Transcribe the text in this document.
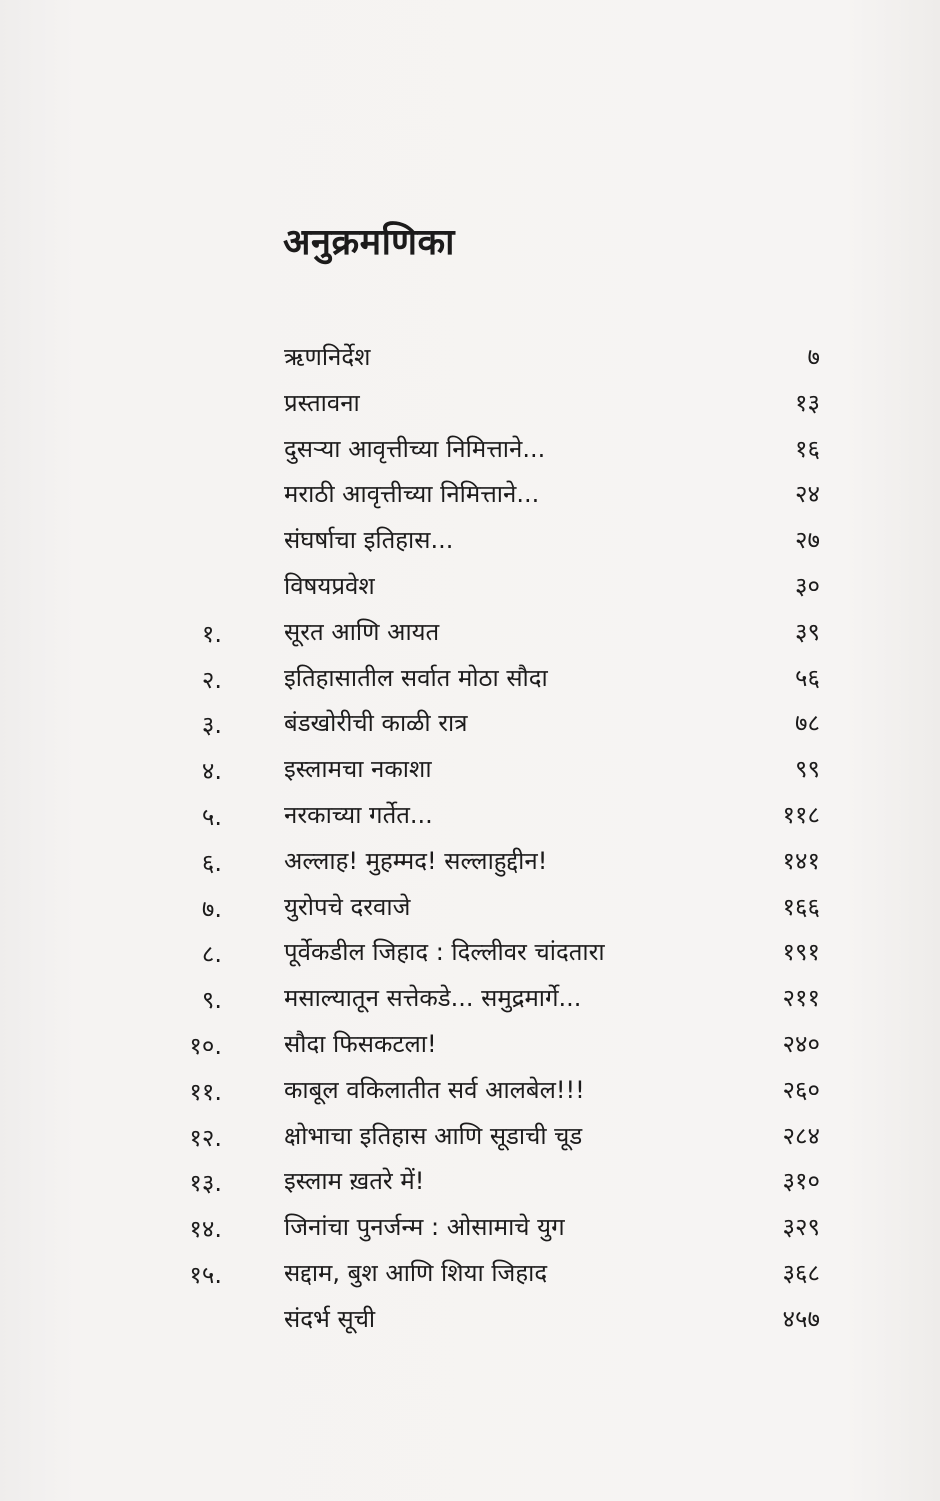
अनुक्रमणिका
ऋणनिर्देश	७
प्रस्तावना	१३
दुसऱ्या आवृत्तीच्या निमित्ताने...	१६
मराठी आवृत्तीच्या निमित्ताने...	२४
संघर्षाचा इतिहास...	२७
विषयप्रवेश	३०
१.	सूरत आणि आयत	३९
२.	इतिहासातील सर्वात मोठा सौदा	५६
३.	बंडखोरीची काळी रात्र	७८
४.	इस्लामचा नकाशा	९९
५.	नरकाच्या गर्तेत...	११८
६.	अल्लाह! मुहम्मद! सल्लाहुद्दीन!	१४१
७.	युरोपचे दरवाजे	१६६
८.	पूर्वेकडील जिहाद : दिल्लीवर चांदतारा	१९१
९.	मसाल्यातून सत्तेकडे... समुद्रमार्गे...	२११
१०.	सौदा फिसकटला!	२४०
११.	काबूल वकिलातीत सर्व आलबेल!!!	२६०
१२.	क्षोभाचा इतिहास आणि सूडाची चूड	२८४
१३.	इस्लाम ख़तरे में!	३१०
१४.	जिनांचा पुनर्जन्म : ओसामाचे युग	३२९
१५.	सद्दाम, बुश आणि शिया जिहाद	३६८
संदर्भ सूची	४५७
